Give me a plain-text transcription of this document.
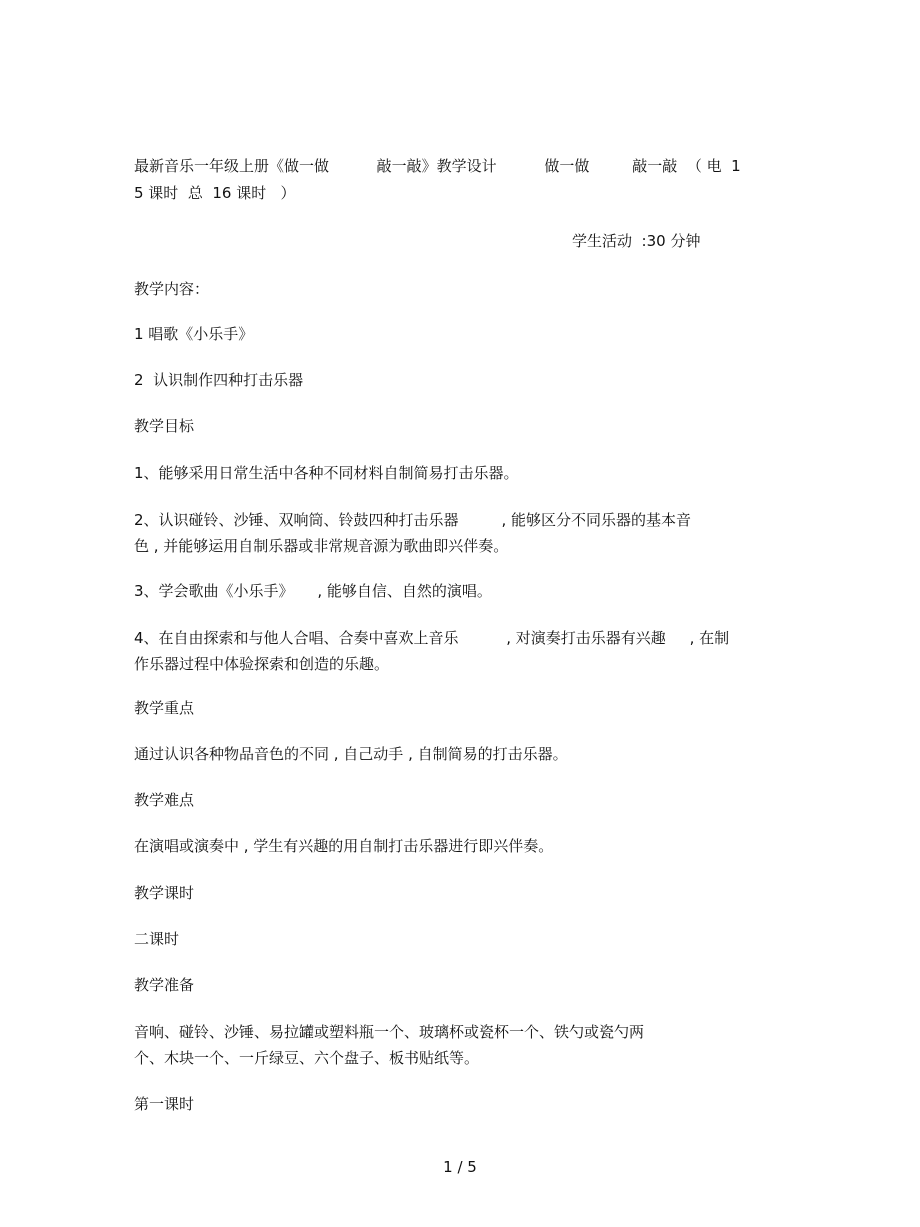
最新音乐一年级上册《做一做          敲一敲》教学设计          做一做         敲一敲  （ 电  1

5 课时  总  16 课时   ）

学生活动  :30 分钟

教学内容：

1 唱歌《小乐手》

2  认识制作四种打击乐器

教学目标

1、能够采用日常生活中各种不同材料自制简易打击乐器。

2、认识碰铃、沙锤、双响筒、铃鼓四种打击乐器         , 能够区分不同乐器的基本音

色 , 并能够运用自制乐器或非常规音源为歌曲即兴伴奏。

3、学会歌曲《小乐手》     , 能够自信、自然的演唱。

4、在自由探索和与他人合唱、合奏中喜欢上音乐          , 对演奏打击乐器有兴趣     , 在制

作乐器过程中体验探索和创造的乐趣。

教学重点

通过认识各种物品音色的不同 , 自己动手 , 自制简易的打击乐器。

教学难点

在演唱或演奏中 , 学生有兴趣的用自制打击乐器进行即兴伴奏。

教学课时

二课时

教学准备

音响、碰铃、沙锤、易拉罐或塑料瓶一个、玻璃杯或瓷杯一个、铁勺或瓷勺两

个、木块一个、一斤绿豆、六个盘子、板书贴纸等。

第一课时

1 / 5
